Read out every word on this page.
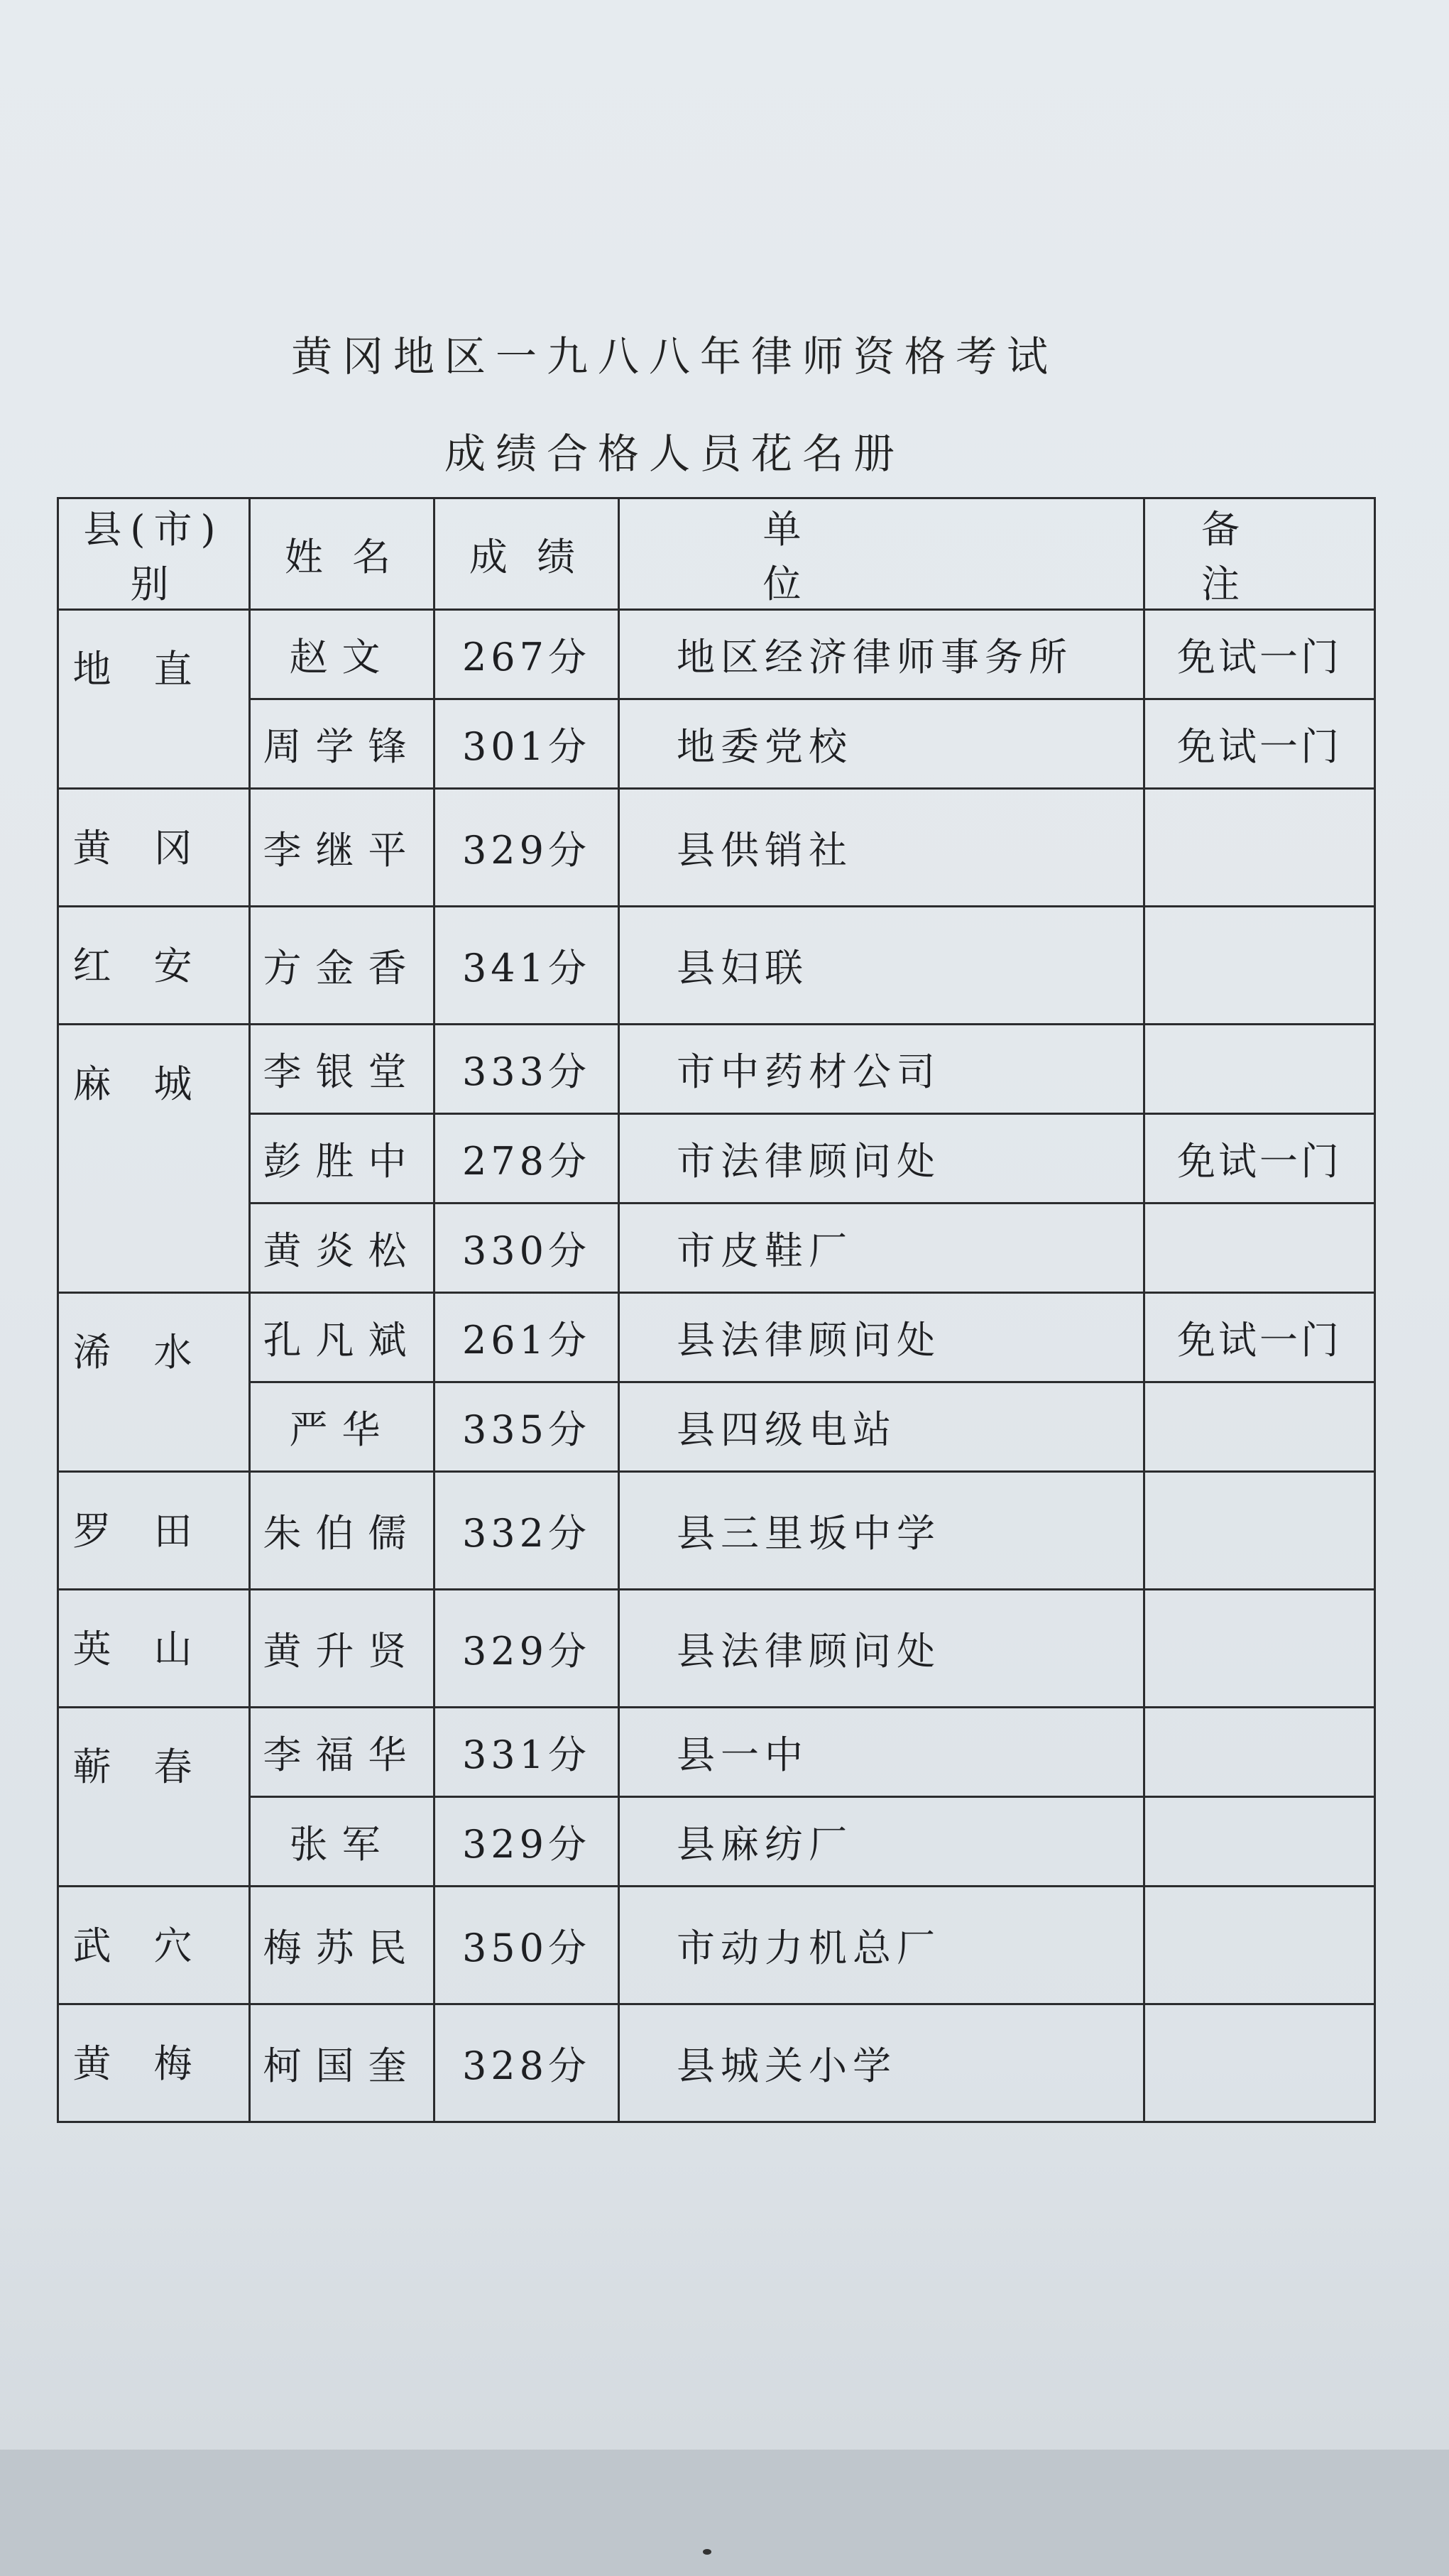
黄冈地区一九八八年律师资格考试
成绩合格人员花名册
县(市)别	姓 名	成 绩	单 位	备 注
地直	赵文	267分	地区经济律师事务所	免试一门
	周学锋	301分	地委党校	免试一门
黄冈	李继平	329分	县供销社	
红安	方金香	341分	县妇联	
麻城	李银堂	333分	市中药材公司	
	彭胜中	278分	市法律顾问处	免试一门
	黄炎松	330分	市皮鞋厂	
浠水	孔凡斌	261分	县法律顾问处	免试一门
	严华	335分	县四级电站	
罗田	朱伯儒	332分	县三里坂中学	
英山	黄升贤	329分	县法律顾问处	
蕲春	李福华	331分	县一中	
	张军	329分	县麻纺厂	
武穴	梅苏民	350分	市动力机总厂	
黄梅	柯国奎	328分	县城关小学	
